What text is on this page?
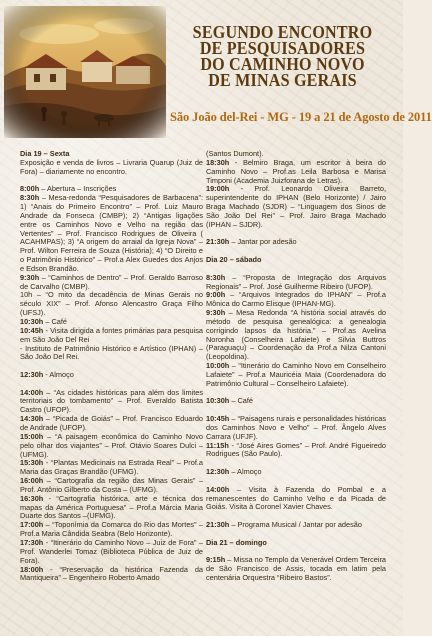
SEGUNDO ENCONTRO
DE PESQUISADORES
DO CAMINHO NOVO
DE MINAS GERAIS
São João del-Rei - MG - 19 a 21 de Agosto de 2011

Dia 19 – Sexta

Exposição e venda de livros – Livraria Quarup (Juiz de Fora) – diariamente no encontro.

8:00h – Abertura – Inscrições

8:30h – Mesa-redonda “Pesquisadores de Barbacena”: 1) “Anais do Primeiro Encontro” – Prof. Luiz Mauro Andrade da Fonseca (CMBP); 2) “Antigas ligações entre os Caminhos Novo e Velho na região das Vertentes” – Prof. Francisco Rodrigues de Oliveira ( ACAHMPAS); 3) “A origem do arraial da Igreja Nova” – Prof. Wilton Ferreira de Souza (História); 4) “O Direito e o Patrimônio Histórico” – Prof.a Alex Guedes dos Anjos e Edson Brandão.

9:30h – “Caminhos de Dentro” – Prof. Geraldo Barroso de Carvalho (CMBP).

10h – “O mito da decadência de Minas Gerais no século XIX” – Prof. Afonso Alencastro Graça Filho (UFSJ).

10:30h – Café

10:45h - Visita dirigida a fontes primárias para pesquisa em São João Del Rei

- Instituto de Patrimônio Histórico e Artístico (IPHAN) – São João Del Rei.

12:30h - Almoço

14:00h – “As cidades históricas para além dos limites territoriais do tombamento” – Prof. Everaldo Batista Castro (UFOP).

14:30h – “Picada de Goiás” – Prof. Francisco Eduardo de Andrade (UFOP).

15:00h – “A paisagem econômica do Caminho Novo pelo olhar dos viajantes” – Prof. Otávio Soares Dulci – (UFMG).

15:30h - “Plantas Medicinais na Estrada Real” – Prof.a Maria das Graças Brandão (UFMG).

16:00h – “Cartografia da região das Minas Gerais” – Prof. Antônio Gilberto da Costa – (UFMG).

16:30h - “Cartografia histórica, arte e técnica dos mapas da América Portuguesa” – Prof.a Márcia Maria Duarte dos Santos –(UFMG).

17:00h – “Toponímia da Comarca do Rio das Mortes” – Prof.a Maria Cândida Seabra (Belo Horizonte).

17:30h - “Itinerário do Caminho Novo – Juiz de Fora” – Prof. Wanderlei Tomaz (Biblioteca Pública de Juiz de Fora).

18:00h - “Preservação da histórica Fazenda da Mantiqueira” – Engenheiro Roberto Amado

(Santos Dumont).

18:30h - Belmiro Braga, um escritor à beira do Caminho Novo – Prof.as Leila Barbosa e Marisa Timponi (Academia Juizforana de Letras).

19:00h - Prof. Leonardo Oliveira Barreto, superintendente do IPHAN (Belo Horizonte) / Jairo Braga Machado (SJDR) – “Linguagem dos Sinos de São João Del Rei” – Prof. Jairo Braga Machado (IPHAN – SJDR).

21:30h – Jantar por adesão

Dia 20 – sábado

8:30h – “Proposta de Integração dos Arquivos Regionais” – Prof. José Guilherme Ribeiro (UFOP).

9:00h – “Arquivos Integrados do IPHAN” – Prof.a Mônica do Carmo Elisque (IPHAN-MG).

9:30h – Mesa Redonda “A história social através do método de pesquisa genealógica: a genealogia corrigindo lapsos da história.” – Prof.as Avelina Noronha (Conselheira Lafaiete) e Silvia Buttros (Paraguaçu) – Coordenação da Prof.a Nilza Cantoni (Leopoldina).

10:00h – “Itinerário do Caminho Novo em Conselheiro Lafaiete” – Prof.a Mauricéia Maia (Coordenadora do Patrimônio Cultural – Conselheiro Lafaiete).

10:30h – Café

10:45h – “Paisagens rurais e personalidades históricas dos Caminhos Novo e Velho” – Prof. Ângelo Alves Carrara (UFJF).

11:15h - “José Aires Gomes” – Prof. André Figueiredo Rodrigues (São Paulo).

12:30h – Almoço

14:00h – Visita à Fazenda do Pombal e a remanescentes do Caminho Velho e da Picada de Goiás. Visita à Coronel Xavier Chaves.

21:30h – Programa Musical / Jantar por adesão

Dia 21 – domingo

9:15h – Missa no Templo da Venerável Ordem Terceira de São Francisco de Assis, tocada em latim pela centenária Orquestra “Ribeiro Bastos”.
